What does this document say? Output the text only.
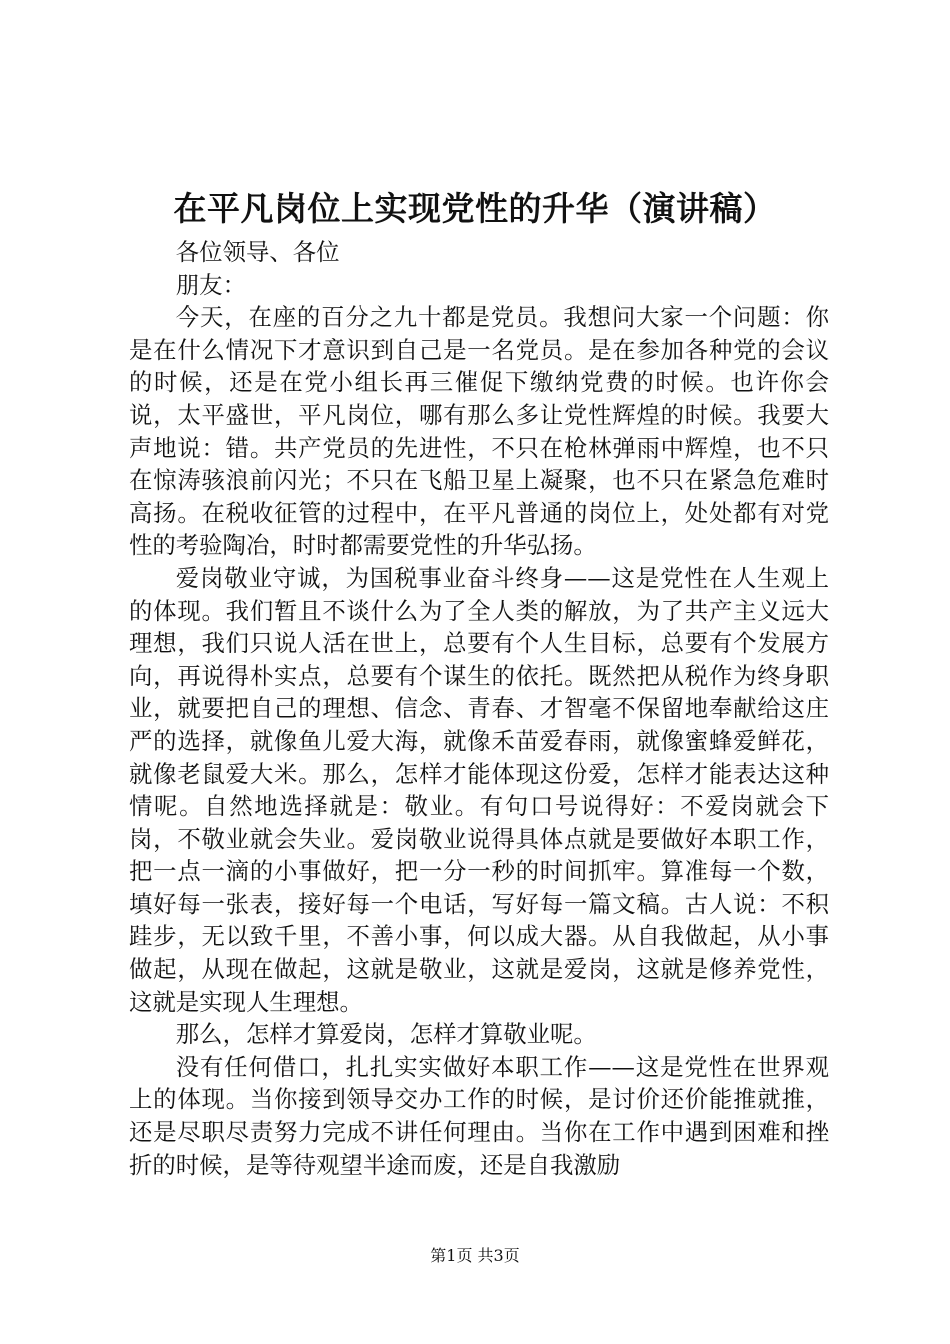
在平凡岗位上实现党性的升华（演讲稿）

各位领导、各位

朋友：

今天，在座的百分之九十都是党员。我想问大家一个问题：你是在什么情况下才意识到自己是一名党员。是在参加各种党的会议的时候，还是在党小组长再三催促下缴纳党费的时候。也许你会说，太平盛世，平凡岗位，哪有那么多让党性辉煌的时候。我要大声地说：错。共产党员的先进性，不只在枪林弹雨中辉煌，也不只在惊涛骇浪前闪光；不只在飞船卫星上凝聚，也不只在紧急危难时高扬。在税收征管的过程中，在平凡普通的岗位上，处处都有对党性的考验陶冶，时时都需要党性的升华弘扬。

爱岗敬业守诚，为国税事业奋斗终身——这是党性在人生观上的体现。我们暂且不谈什么为了全人类的解放，为了共产主义远大理想，我们只说人活在世上，总要有个人生目标，总要有个发展方向，再说得朴实点，总要有个谋生的依托。既然把从税作为终身职业，就要把自己的理想、信念、青春、才智毫不保留地奉献给这庄严的选择，就像鱼儿爱大海，就像禾苗爱春雨，就像蜜蜂爱鲜花，就像老鼠爱大米。那么，怎样才能体现这份爱，怎样才能表达这种情呢。自然地选择就是：敬业。有句口号说得好：不爱岗就会下岗，不敬业就会失业。爱岗敬业说得具体点就是要做好本职工作，把一点一滴的小事做好，把一分一秒的时间抓牢。算准每一个数，填好每一张表，接好每一个电话，写好每一篇文稿。古人说：不积跬步，无以致千里，不善小事，何以成大器。从自我做起，从小事做起，从现在做起，这就是敬业，这就是爱岗，这就是修养党性，这就是实现人生理想。

那么，怎样才算爱岗，怎样才算敬业呢。

没有任何借口，扎扎实实做好本职工作——这是党性在世界观上的体现。当你接到领导交办工作的时候，是讨价还价能推就推，还是尽职尽责努力完成不讲任何理由。当你在工作中遇到困难和挫折的时候，是等待观望半途而废，还是自我激励

第1页 共3页
